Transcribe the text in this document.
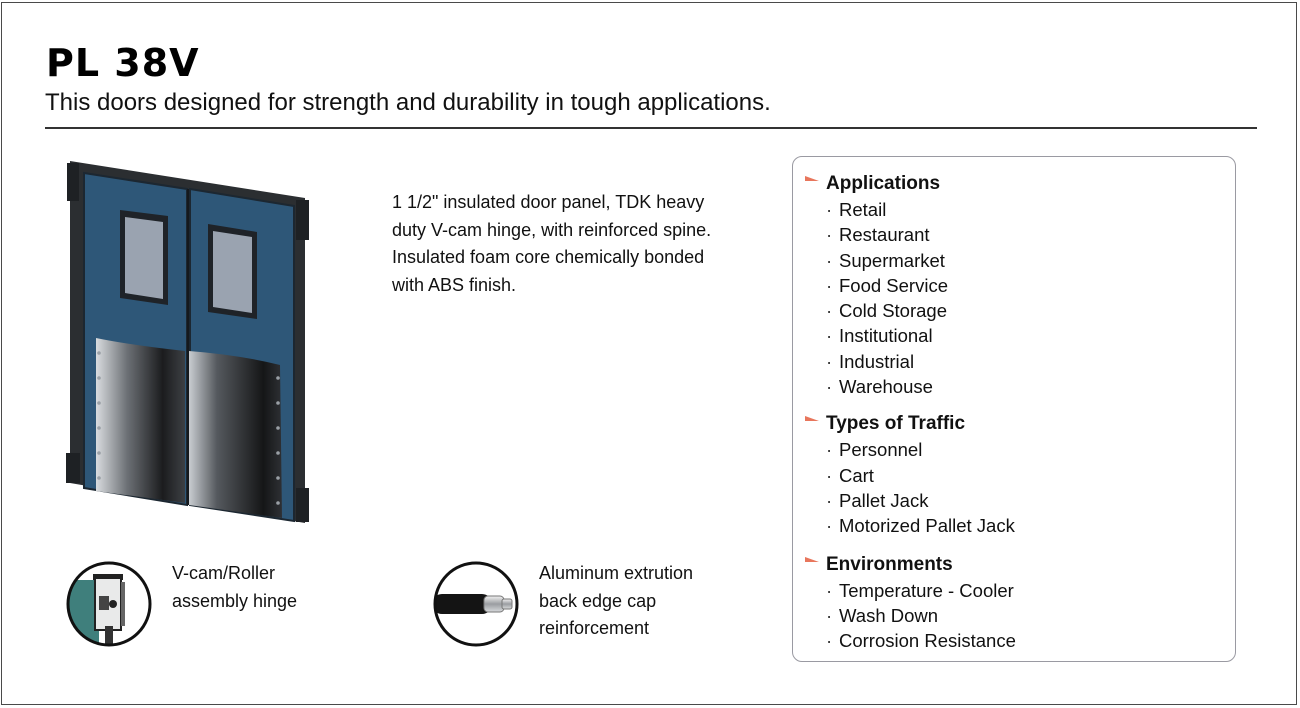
PL 38V

This doors designed for strength and durability in tough applications.

1 1/2" insulated door panel, TDK heavy duty V-cam hinge, with reinforced spine. Insulated foam core chemically bonded with ABS finish.

V-cam/Roller
assembly hinge
Aluminum extrution
back edge cap
reinforcement
Applications
· Retail
· Restaurant
· Supermarket
· Food Service
· Cold Storage
· Institutional
· Industrial
· Warehouse
Types of Traffic
· Personnel
· Cart
· Pallet Jack
· Motorized Pallet Jack
Environments
· Temperature - Cooler
· Wash Down
· Corrosion Resistance
